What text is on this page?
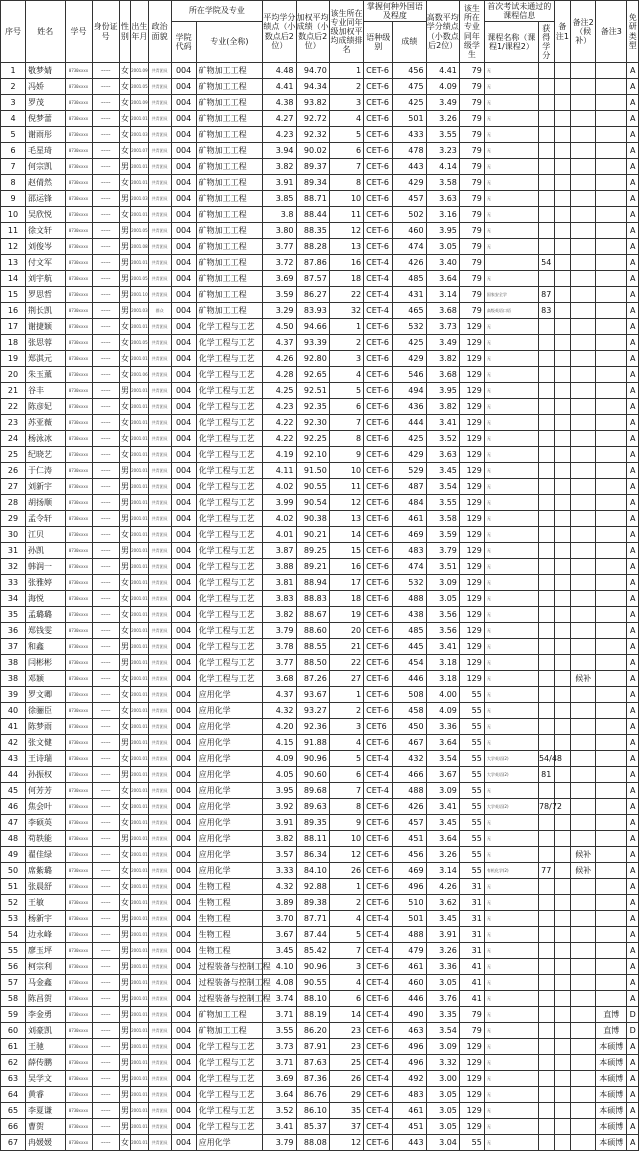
序号	姓名	学号	身份证号	性别	出生年月	政治面貌	所在学院及专业		平均学分绩点（小数点后2位）	加权平均成绩（小数点后2位）	该生所在专业同年级加权平均成绩排名	掌握何种外国语及程度		高数平均学分绩点（小数点后2位）	该生所在专业同年级学生	首次考试未通过的课程信息		备注1	备注2（候补）	备注3	免研类型
							学院代码	专业(全称)				语种级别	成绩			课程名称（课程1/课程2）	获得学分				
1	敬梦婧	0730xxxx	~~~~	女	2001.09	共青团员	004	矿物加工工程	4.48	94.70	1	CET-6	456	4.41	79	无					A
2	冯娇	0730xxxx	~~~~	女	2001.05	共青团员	004	矿物加工工程	4.41	94.34	2	CET-6	475	4.09	79	无					A
3	罗茂	0730xxxx	~~~~	女	2001.09	共青团员	004	矿物加工工程	4.38	93.82	3	CET-6	425	3.49	79	无					A
4	倪梦蕾	0730xxxx	~~~~	女	2001.01	共青团员	004	矿物加工工程	4.27	92.72	4	CET-6	501	3.26	79	无					A
5	谢雨彤	0730xxxx	~~~~	女	2001.03	共青团员	004	矿物加工工程	4.23	92.32	5	CET-6	433	3.55	79	无					A
6	毛星琦	0730xxxx	~~~~	女	2001.07	共青团员	004	矿物加工工程	3.94	90.02	6	CET-6	478	3.23	79	无					A
7	何宗凯	0730xxxx	~~~~	男	2001.01	共青团员	004	矿物加工工程	3.82	89.37	7	CET-6	443	4.14	79	无					A
8	赵倩然	0730xxxx	~~~~	女	2001.01	共青团员	004	矿物加工工程	3.91	89.34	8	CET-6	429	3.58	79	无					A
9	邵运锋	0730xxxx	~~~~	男	2001.03	共青团员	004	矿物加工工程	3.85	88.71	10	CET-6	457	3.63	79	无					A
10	吴欣悦	0730xxxx	~~~~	女	2001.01	共青团员	004	矿物加工工程	3.8	88.44	11	CET-6	502	3.16	79	无					A
11	徐文轩	0730xxxx	~~~~	男	2001.05	共青团员	004	矿物加工工程	3.80	88.35	12	CET-6	460	3.95	79	无					A
12	刘俊岑	0730xxxx	~~~~	男	2001.08	共青团员	004	矿物加工工程	3.77	88.28	13	CET-6	474	3.05	79	无					A
13	付文军	0730xxxx	~~~~	男	2001.01	共青团员	004	矿物加工工程	3.72	87.86	16	CET-4	426	3.40	79		54				A
14	刘宇航	0730xxxx	~~~~	男	2001.05	共青团员	004	矿物加工工程	3.69	87.57	18	CET-4	485	3.64	79	无					A
15	罗思哲	0730xxxx	~~~~	男	2001.10	共青团员	004	矿物加工工程	3.59	86.27	22	CET-4	431	3.14	79	国家安全学	87				A
16	荆长凯	0730xxxx	~~~~	男	2001.03	群众	004	矿物加工工程	3.29	83.93	32	CET-4	465	3.68	79	高级英语口语	83				A
17	谢捷颖	0730xxxx	~~~~	女	2001.01	共青团员	004	化学工程与工艺	4.50	94.66	1	CET-6	532	3.73	129	无					A
18	张思蓉	0730xxxx	~~~~	女	2001.05	共青团员	004	化学工程与工艺	4.37	93.39	2	CET-6	425	3.49	129	无					A
19	郑淇元	0730xxxx	~~~~	女	2001.01	共青团员	004	化学工程与工艺	4.26	92.80	3	CET-6	429	3.82	129	无					A
20	朱玉薰	0730xxxx	~~~~	女	2001.06	共青团员	004	化学工程与工艺	4.28	92.65	4	CET-6	546	3.68	129	无					A
21	谷丰	0730xxxx	~~~~	男	2001.01	共青团员	004	化学工程与工艺	4.25	92.51	5	CET-6	494	3.95	129	无					A
22	陈彦妃	0730xxxx	~~~~	女	2001.01	共青团员	004	化学工程与工艺	4.23	92.35	6	CET-6	436	3.82	129	无					A
23	苏亚薇	0730xxxx	~~~~	女	2001.01	共青团员	004	化学工程与工艺	4.22	92.30	7	CET-6	444	3.41	129	无					A
24	杨泳冰	0730xxxx	~~~~	女	2001.01	共青团员	004	化学工程与工艺	4.22	92.25	8	CET-6	425	3.52	129	无					A
25	纪晓艺	0730xxxx	~~~~	女	2001.01	共青团员	004	化学工程与工艺	4.19	92.10	9	CET-6	429	3.63	129	无					A
26	于仁涛	0730xxxx	~~~~	男	2001.01	共青团员	004	化学工程与工艺	4.11	91.50	10	CET-6	529	3.45	129	无					A
27	刘新宇	0730xxxx	~~~~	男	2001.01	共青团员	004	化学工程与工艺	4.02	90.55	11	CET-6	487	3.54	129	无					A
28	胡扬顺	0730xxxx	~~~~	男	2001.01	共青团员	004	化学工程与工艺	3.99	90.54	12	CET-6	484	3.55	129	无					A
29	孟令轩	0730xxxx	~~~~	男	2001.01	共青团员	004	化学工程与工艺	4.02	90.38	13	CET-6	461	3.58	129	无					A
30	江贝	0730xxxx	~~~~	女	2001.01	共青团员	004	化学工程与工艺	4.01	90.21	14	CET-6	469	3.59	129	无					A
31	孙凯	0730xxxx	~~~~	男	2001.01	共青团员	004	化学工程与工艺	3.87	89.25	15	CET-6	483	3.79	129	无					A
32	韩润一	0730xxxx	~~~~	男	2001.01	共青团员	004	化学工程与工艺	3.88	89.21	16	CET-6	474	3.51	129	无					A
33	张雅婷	0730xxxx	~~~~	女	2001.01	共青团员	004	化学工程与工艺	3.81	88.94	17	CET-6	532	3.09	129	无					A
34	海悦	0730xxxx	~~~~	女	2001.01	共青团员	004	化学工程与工艺	3.83	88.83	18	CET-6	488	3.05	129	无					A
35	孟璐璐	0730xxxx	~~~~	女	2001.01	共青团员	004	化学工程与工艺	3.82	88.67	19	CET-6	438	3.56	129	无					A
36	郑钱雯	0730xxxx	~~~~	女	2001.01	共青团员	004	化学工程与工艺	3.79	88.60	20	CET-6	485	3.56	129	无					A
37	和鑫	0730xxxx	~~~~	男	2001.01	共青团员	004	化学工程与工艺	3.78	88.55	21	CET-6	445	3.41	129	无					A
38	闫彬彬	0730xxxx	~~~~	男	2001.01	共青团员	004	化学工程与工艺	3.77	88.50	22	CET-6	454	3.18	129	无					A
38	邓颖	0730xxxx	~~~~	女	2001.01	共青团员	004	化学工程与工艺	3.68	87.26	27	CET-6	446	3.18	129	无			候补		A
39	罗文卿	0730xxxx	~~~~	女	2001.01	共青团员	004	应用化学	4.37	93.67	1	CET-6	508	4.00	55	无					A
40	徐骊臣	0730xxxx	~~~~	女	2001.01	共青团员	004	应用化学	4.32	93.27	2	CET-6	458	4.09	55	无					A
41	陈梦雨	0730xxxx	~~~~	女	2001.01	共青团员	004	应用化学	4.20	92.36	3	CET6	450	3.36	55	无					A
42	张文健	0730xxxx	~~~~	男	2001.01	共青团员	004	应用化学	4.15	91.88	4	CET-6	467	3.64	55	无					A
43	王诗瑞	0730xxxx	~~~~	女	2001.01	共青团员	004	应用化学	4.09	90.96	5	CET-4	432	3.54	55	大学英语(2)	54/48				A
44	孙振权	0730xxxx	~~~~	男	2001.01	共青团员	004	应用化学	4.05	90.60	6	CET-4	466	3.67	55	大学英语(2)	81				A
45	何芳芳	0730xxxx	~~~~	女	2001.01	共青团员	004	应用化学	3.95	89.68	7	CET-4	488	3.09	55	无					A
46	焦会叶	0730xxxx	~~~~	女	2001.01	共青团员	004	应用化学	3.92	89.63	8	CET-6	426	3.41	55	大学英语(2)	78/72				A
47	李硕英	0730xxxx	~~~~	女	2001.01	共青团员	004	应用化学	3.91	89.35	9	CET-6	457	3.45	55	无					A
48	苟轶能	0730xxxx	~~~~	男	2001.01	共青团员	004	应用化学	3.82	88.11	10	CET-6	451	3.64	55	无					A
49	翟佳绿	0730xxxx	~~~~	女	2001.01	共青团员	004	应用化学	3.57	86.34	12	CET-6	456	3.26	55	无			候补		A
50	席紫璐	0730xxxx	~~~~	女	2001.01	共青团员	004	应用化学	3.33	84.10	26	CET-6	469	3.14	55	有机化学(2)	77		候补		A
51	张晨舒	0730xxxx	~~~~	女	2001.01	共青团员	004	生物工程	4.32	92.88	1	CET-6	496	4.26	31	无					A
52	王敏	0730xxxx	~~~~	女	2001.01	共青团员	004	生物工程	3.89	89.38	2	CET-6	510	3.62	31	无					A
53	杨新宇	0730xxxx	~~~~	男	2001.01	共青团员	004	生物工程	3.70	87.71	4	CET-4	501	3.45	31	无					A
54	边永峰	0730xxxx	~~~~	男	2001.01	共青团员	004	生物工程	3.67	87.44	5	CET-4	488	3.91	31	无					A
55	廖玉坪	0730xxxx	~~~~	男	2001.01	共青团员	004	生物工程	3.45	85.42	7	CET-4	479	3.26	31	无					A
56	柯宗利	0730xxxx	~~~~	男	2001.01	共青团员	004	过程装备与控制工程	4.10	90.96	3	CET-6	461	3.36	41	无					A
57	马金鑫	0730xxxx	~~~~	男	2001.01	共青团员	004	过程装备与控制工程	4.08	90.55	4	CET-4	460	3.05	41	无					A
58	陈昌贺	0730xxxx	~~~~	男	2001.01	共青团员	004	过程装备与控制工程	3.74	88.10	6	CET-6	446	3.76	41	无					A
59	李金勇	0730xxxx	~~~~	男	2001.01	共青团员	004	矿物加工工程	3.71	88.19	14	CET-4	490	3.35	79	无				直博	D
60	刘豪凯	0730xxxx	~~~~	男	2001.01	共青团员	004	矿物加工工程	3.55	86.20	23	CET-6	463	3.54	79	无				直博	D
61	王驰	0730xxxx	~~~~	男	2001.01	共青团员	004	化学工程与工艺	3.73	87.91	23	CET-6	496	3.09	129	无				本硕博	A
62	薛传鹏	0730xxxx	~~~~	男	2001.01	共青团员	004	化学工程与工艺	3.71	87.63	25	CET-4	496	3.32	129	无				本硕博	A
63	吴学文	0730xxxx	~~~~	男	2001.01	共青团员	004	化学工程与工艺	3.69	87.36	26	CET-4	492	3.00	129	无				本硕博	A
64	黄睿	0730xxxx	~~~~	男	2001.01	共青团员	004	化学工程与工艺	3.64	86.76	29	CET-6	483	3.05	129	无				本硕博	A
65	李夏谦	0730xxxx	~~~~	男	2001.01	共青团员	004	化学工程与工艺	3.52	86.10	35	CET-4	461	3.05	129	无				本硕博	A
66	曹贺	0730xxxx	~~~~	男	2001.01	共青团员	004	化学工程与工艺	3.41	85.37	37	CET-4	451	3.05	129	无				本硕博	A
67	冉媛媛	0730xxxx	~~~~	女	2001.01	共青团员	004	应用化学	3.79	88.08	12	CET-6	443	3.04	55	无				本硕博	A
